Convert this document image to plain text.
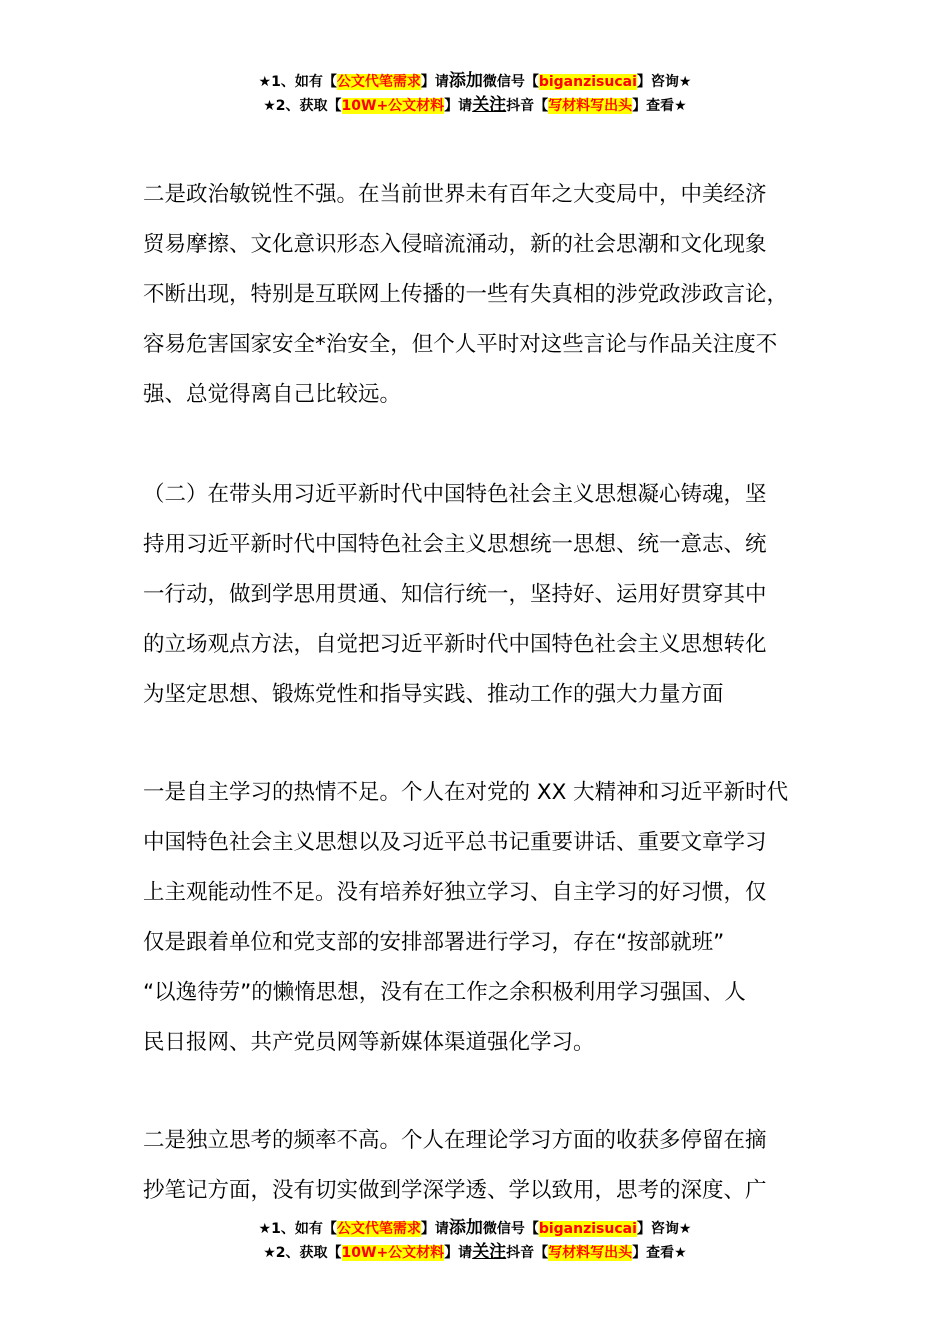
★1、如有【公文代笔需求】请添加微信号【biganzisucai】咨询★
★2、获取【10W+公文材料】请关注抖音【写材料写出头】查看★
二是政治敏锐性不强。在当前世界未有百年之大变局中，中美经济
贸易摩擦、文化意识形态入侵暗流涌动，新的社会思潮和文化现象
不断出现，特别是互联网上传播的一些有失真相的涉党政涉政言论，
容易危害国家安全*治安全，但个人平时对这些言论与作品关注度不
强、总觉得离自己比较远。
（二）在带头用习近平新时代中国特色社会主义思想凝心铸魂，坚
持用习近平新时代中国特色社会主义思想统一思想、统一意志、统
一行动，做到学思用贯通、知信行统一，坚持好、运用好贯穿其中
的立场观点方法，自觉把习近平新时代中国特色社会主义思想转化
为坚定思想、锻炼党性和指导实践、推动工作的强大力量方面
一是自主学习的热情不足。个人在对党的 XX 大精神和习近平新时代
中国特色社会主义思想以及习近平总书记重要讲话、重要文章学习
上主观能动性不足。没有培养好独立学习、自主学习的好习惯，仅
仅是跟着单位和党支部的安排部署进行学习，存在“按部就班”
“以逸待劳”的懒惰思想，没有在工作之余积极利用学习强国、人
民日报网、共产党员网等新媒体渠道强化学习。
二是独立思考的频率不高。个人在理论学习方面的收获多停留在摘
抄笔记方面，没有切实做到学深学透、学以致用，思考的深度、广
★1、如有【公文代笔需求】请添加微信号【biganzisucai】咨询★
★2、获取【10W+公文材料】请关注抖音【写材料写出头】查看★
